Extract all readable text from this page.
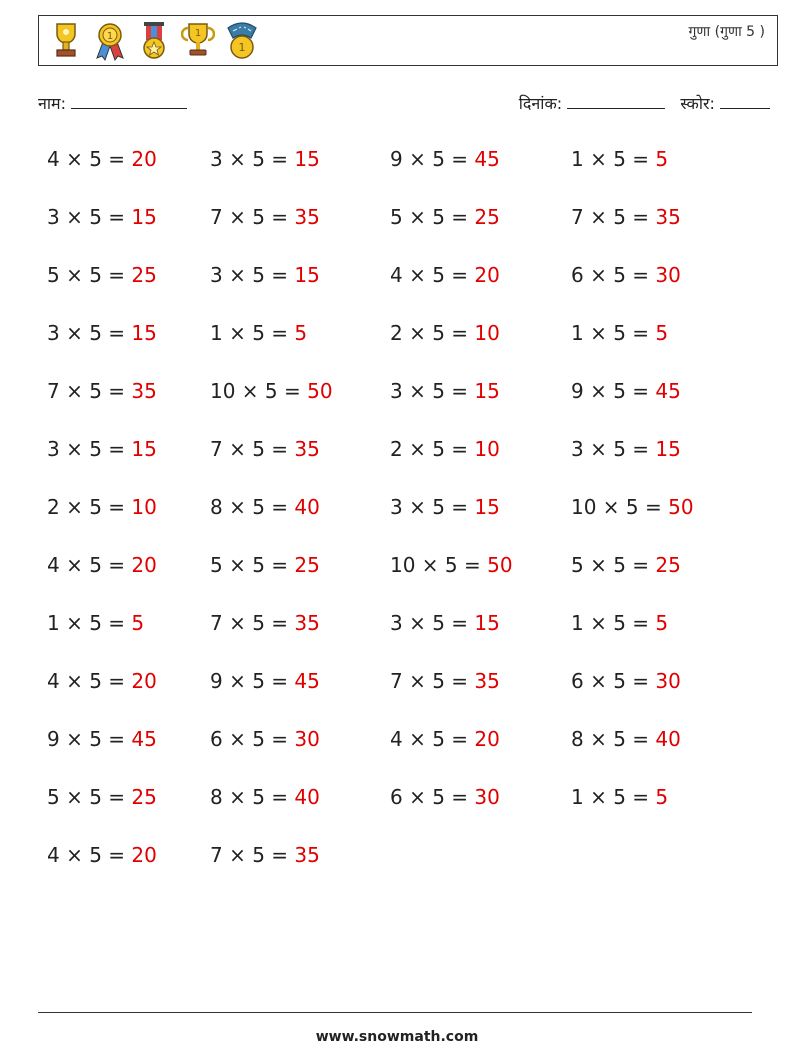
1	1
1
गुणा (गुणा 5 )
नाम:	दिनांक:	स्कोर:
4 × 5 = 20	3 × 5 = 15	9 × 5 = 45	1 × 5 = 5
3 × 5 = 15	7 × 5 = 35	5 × 5 = 25	7 × 5 = 35
5 × 5 = 25	3 × 5 = 15	4 × 5 = 20	6 × 5 = 30
3 × 5 = 15	1 × 5 = 5	2 × 5 = 10	1 × 5 = 5
7 × 5 = 35	10 × 5 = 50	3 × 5 = 15	9 × 5 = 45
3 × 5 = 15	7 × 5 = 35	2 × 5 = 10	3 × 5 = 15
2 × 5 = 10	8 × 5 = 40	3 × 5 = 15	10 × 5 = 50
4 × 5 = 20	5 × 5 = 25	10 × 5 = 50	5 × 5 = 25
1 × 5 = 5	7 × 5 = 35	3 × 5 = 15	1 × 5 = 5
4 × 5 = 20	9 × 5 = 45	7 × 5 = 35	6 × 5 = 30
9 × 5 = 45	6 × 5 = 30	4 × 5 = 20	8 × 5 = 40
5 × 5 = 25	8 × 5 = 40	6 × 5 = 30	1 × 5 = 5
4 × 5 = 20	7 × 5 = 35
www.snowmath.com
